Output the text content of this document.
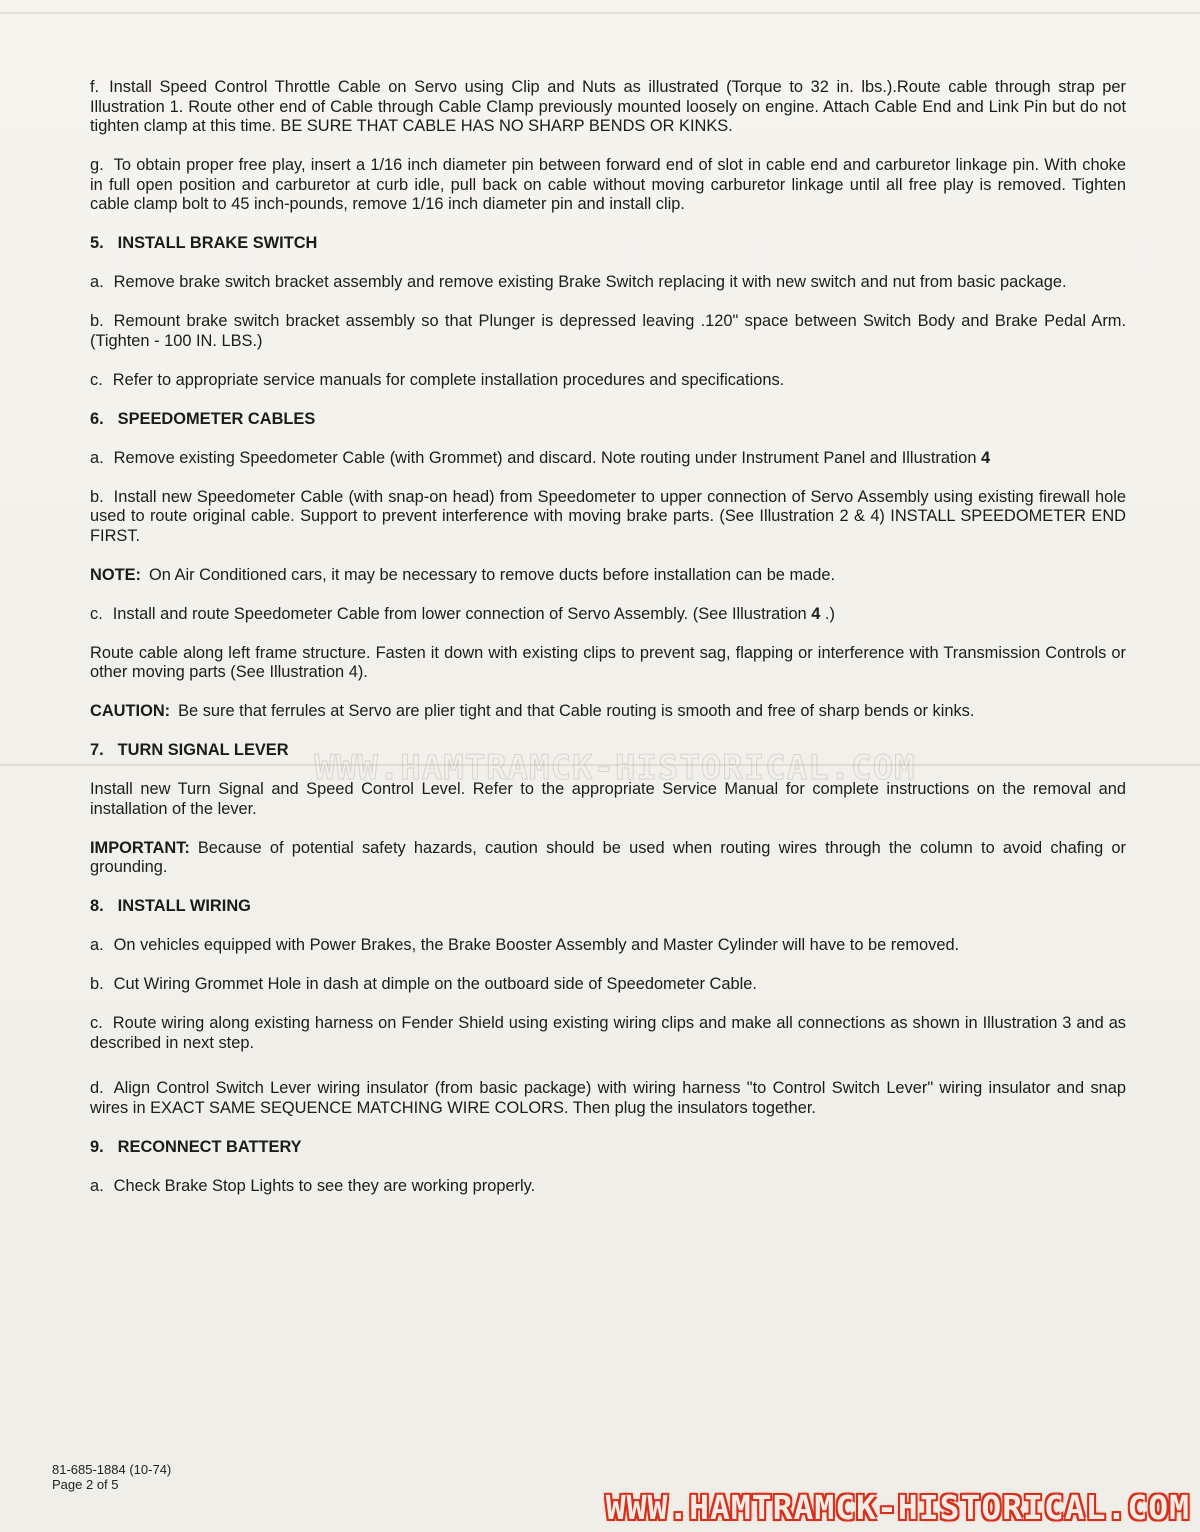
WWW.HAMTRAMCK-HISTORICAL.COM

f. Install Speed Control Throttle Cable on Servo using Clip and Nuts as illustrated (Torque to 32 in. lbs.).Route cable through strap per Illustration 1. Route other end of Cable through Cable Clamp previously mounted loosely on engine. Attach Cable End and Link Pin but do not tighten clamp at this time. BE SURE THAT CABLE HAS NO SHARP BENDS OR KINKS.

g. To obtain proper free play, insert a 1/16 inch diameter pin between forward end of slot in cable end and carburetor linkage pin. With choke in full open position and carburetor at curb idle, pull back on cable without moving carburetor linkage until all free play is removed. Tighten cable clamp bolt to 45 inch-pounds, remove 1/16 inch diameter pin and install clip.

5. INSTALL BRAKE SWITCH

a. Remove brake switch bracket assembly and remove existing Brake Switch replacing it with new switch and nut from basic package.

b. Remount brake switch bracket assembly so that Plunger is depressed leaving .120" space between Switch Body and Brake Pedal Arm. (Tighten - 100 IN. LBS.)

c. Refer to appropriate service manuals for complete installation procedures and specifications.

6. SPEEDOMETER CABLES

a. Remove existing Speedometer Cable (with Grommet) and discard. Note routing under Instrument Panel and Illustration 4

b. Install new Speedometer Cable (with snap-on head) from Speedometer to upper connection of Servo Assembly using existing firewall hole used to route original cable. Support to prevent interference with moving brake parts. (See Illustration 2 & 4) INSTALL SPEEDOMETER END FIRST.

NOTE: On Air Conditioned cars, it may be necessary to remove ducts before installation can be made.

c. Install and route Speedometer Cable from lower connection of Servo Assembly. (See Illustration 4 .)

Route cable along left frame structure. Fasten it down with existing clips to prevent sag, flapping or interference with Transmission Controls or other moving parts (See Illustration 4).

CAUTION: Be sure that ferrules at Servo are plier tight and that Cable routing is smooth and free of sharp bends or kinks.

7. TURN SIGNAL LEVER

Install new Turn Signal and Speed Control Level. Refer to the appropriate Service Manual for complete instructions on the removal and installation of the lever.

IMPORTANT: Because of potential safety hazards, caution should be used when routing wires through the column to avoid chafing or grounding.

8. INSTALL WIRING

a. On vehicles equipped with Power Brakes, the Brake Booster Assembly and Master Cylinder will have to be removed.

b. Cut Wiring Grommet Hole in dash at dimple on the outboard side of Speedometer Cable.

c. Route wiring along existing harness on Fender Shield using existing wiring clips and make all connections as shown in Illustration 3 and as described in next step.

d. Align Control Switch Lever wiring insulator (from basic package) with wiring harness "to Control Switch Lever" wiring insulator and snap wires in EXACT SAME SEQUENCE MATCHING WIRE COLORS. Then plug the insulators together.

9. RECONNECT BATTERY

a. Check Brake Stop Lights to see they are working properly.

81-685-1884 (10-74)
Page 2 of 5
WWW.HAMTRAMCK-HISTORICAL.COM
